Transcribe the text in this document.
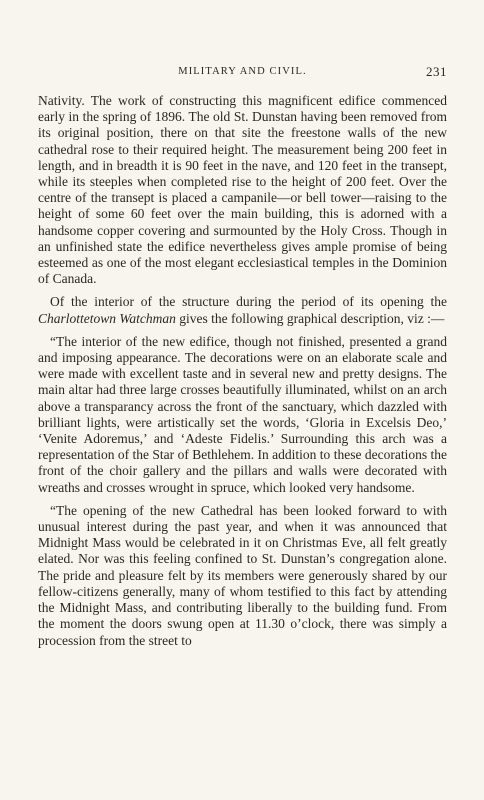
MILITARY AND CIVIL.	231

Nativity. The work of constructing this magnificent edifice commenced early in the spring of 1896. The old St. Dunstan having been removed from its original position, there on that site the freestone walls of the new cathedral rose to their required height. The measurement being 200 feet in length, and in breadth it is 90 feet in the nave, and 120 feet in the transept, while its steeples when completed rise to the height of 200 feet. Over the centre of the transept is placed a campanile—or bell tower—raising to the height of some 60 feet over the main building, this is adorned with a handsome copper covering and surmounted by the Holy Cross. Though in an unfinished state the edifice nevertheless gives ample promise of being esteemed as one of the most elegant ecclesiastical temples in the Dominion of Canada.

Of the interior of the structure during the period of its opening the Charlottetown Watchman gives the following graphical description, viz :—

“The interior of the new edifice, though not finished, presented a grand and imposing appearance. The decorations were on an elaborate scale and were made with excellent taste and in several new and pretty designs. The main altar had three large crosses beautifully illuminated, whilst on an arch above a transparancy across the front of the sanctuary, which dazzled with brilliant lights, were artistically set the words, ‘Gloria in Excelsis Deo,’ ‘Venite Adoremus,’ and ‘Adeste Fidelis.’ Surrounding this arch was a representation of the Star of Bethlehem. In addition to these decorations the front of the choir gallery and the pillars and walls were decorated with wreaths and crosses wrought in spruce, which looked very handsome.

“The opening of the new Cathedral has been looked forward to with unusual interest during the past year, and when it was announced that Midnight Mass would be celebrated in it on Christmas Eve, all felt greatly elated. Nor was this feeling confined to St. Dunstan’s congregation alone. The pride and pleasure felt by its members were generously shared by our fellow-citizens generally, many of whom testified to this fact by attending the Midnight Mass, and contributing liberally to the building fund. From the moment the doors swung open at 11.30 o’clock, there was simply a procession from the street to
